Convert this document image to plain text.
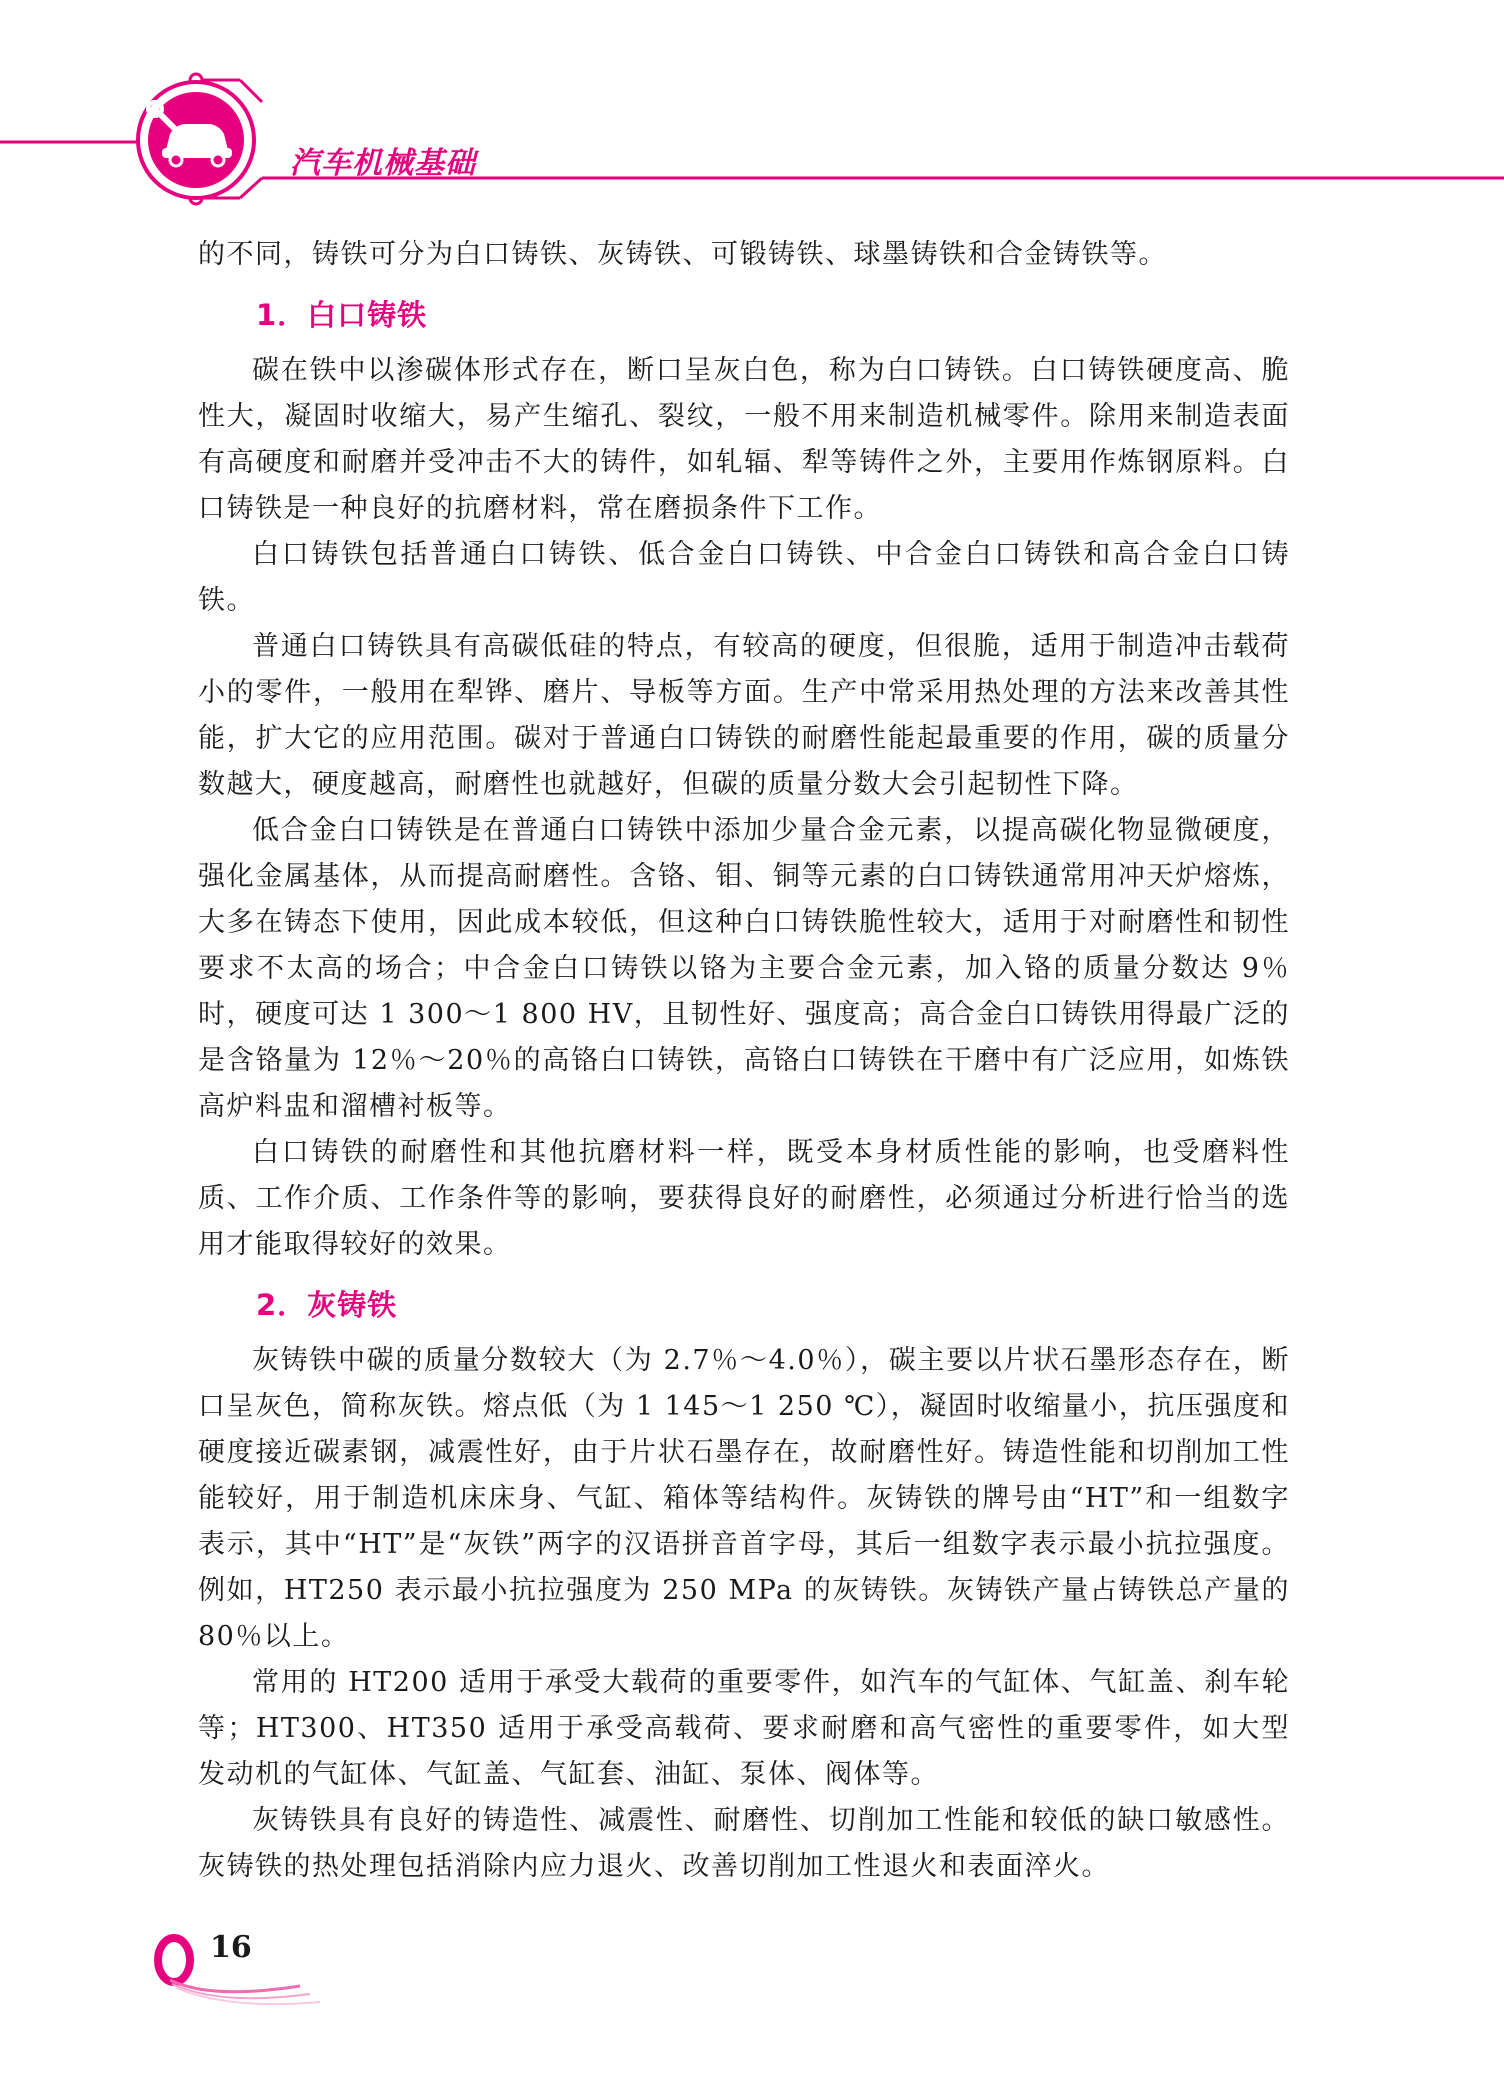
汽车机械基础

的不同，铸铁可分为白口铸铁、灰铸铁、可锻铸铁、球墨铸铁和合金铸铁等。

1．白口铸铁

碳在铁中以渗碳体形式存在，断口呈灰白色，称为白口铸铁。白口铸铁硬度高、脆性大，凝固时收缩大，易产生缩孔、裂纹，一般不用来制造机械零件。除用来制造表面有高硬度和耐磨并受冲击不大的铸件，如轧辐、犁等铸件之外，主要用作炼钢原料。白口铸铁是一种良好的抗磨材料，常在磨损条件下工作。

白口铸铁包括普通白口铸铁、低合金白口铸铁、中合金白口铸铁和高合金白口铸铁。

普通白口铸铁具有高碳低硅的特点，有较高的硬度，但很脆，适用于制造冲击载荷小的零件，一般用在犁铧、磨片、导板等方面。生产中常采用热处理的方法来改善其性能，扩大它的应用范围。碳对于普通白口铸铁的耐磨性能起最重要的作用，碳的质量分数越大，硬度越高，耐磨性也就越好，但碳的质量分数大会引起韧性下降。

低合金白口铸铁是在普通白口铸铁中添加少量合金元素，以提高碳化物显微硬度，强化金属基体，从而提高耐磨性。含铬、钼、铜等元素的白口铸铁通常用冲天炉熔炼，大多在铸态下使用，因此成本较低，但这种白口铸铁脆性较大，适用于对耐磨性和韧性要求不太高的场合；中合金白口铸铁以铬为主要合金元素，加入铬的质量分数达 9％时，硬度可达 1 300～1 800 HV，且韧性好、强度高；高合金白口铸铁用得最广泛的是含铬量为 12％～20％的高铬白口铸铁，高铬白口铸铁在干磨中有广泛应用，如炼铁高炉料盅和溜槽衬板等。

白口铸铁的耐磨性和其他抗磨材料一样，既受本身材质性能的影响，也受磨料性质、工作介质、工作条件等的影响，要获得良好的耐磨性，必须通过分析进行恰当的选用才能取得较好的效果。

2．灰铸铁

灰铸铁中碳的质量分数较大（为 2.7％～4.0％），碳主要以片状石墨形态存在，断口呈灰色，简称灰铁。熔点低（为 1 145～1 250 ℃），凝固时收缩量小，抗压强度和硬度接近碳素钢，减震性好，由于片状石墨存在，故耐磨性好。铸造性能和切削加工性能较好，用于制造机床床身、气缸、箱体等结构件。灰铸铁的牌号由“HT”和一组数字表示，其中“HT”是“灰铁”两字的汉语拼音首字母，其后一组数字表示最小抗拉强度。例如，HT250 表示最小抗拉强度为 250 MPa 的灰铸铁。灰铸铁产量占铸铁总产量的 80％以上。

常用的 HT200 适用于承受大载荷的重要零件，如汽车的气缸体、气缸盖、刹车轮等；HT300、HT350 适用于承受高载荷、要求耐磨和高气密性的重要零件，如大型发动机的气缸体、气缸盖、气缸套、油缸、泵体、阀体等。

灰铸铁具有良好的铸造性、减震性、耐磨性、切削加工性能和较低的缺口敏感性。灰铸铁的热处理包括消除内应力退火、改善切削加工性退火和表面淬火。

16
